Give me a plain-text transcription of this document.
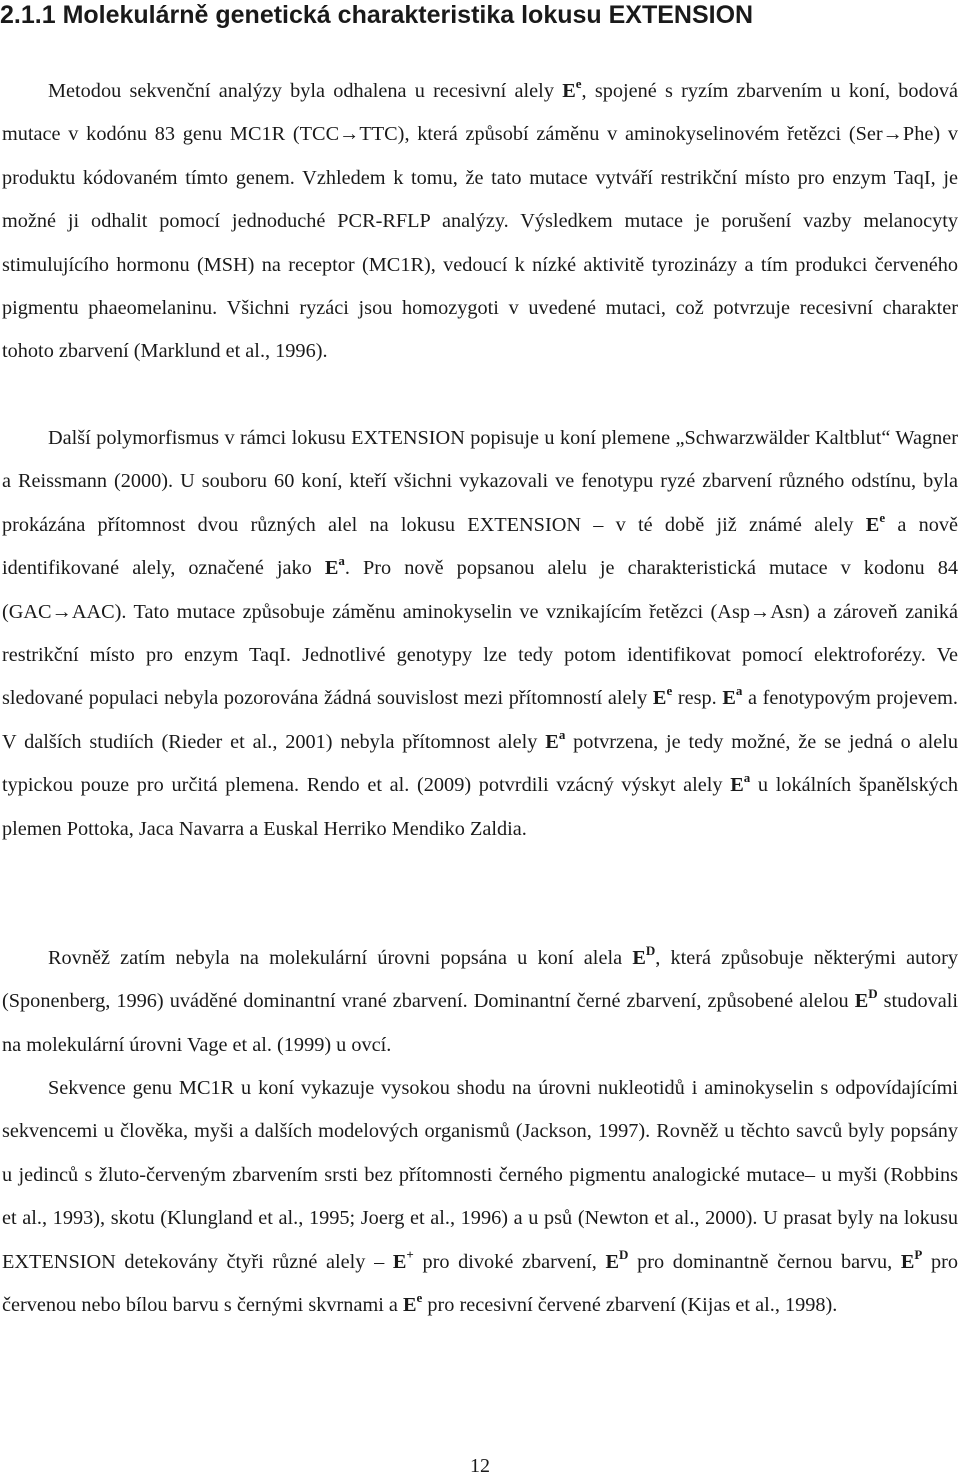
2.1.1 Molekulárně genetická charakteristika lokusu EXTENSION

Metodou sekvenční analýzy byla odhalena u recesivní alely $E^e$, spojené s ryzím zbarvením u koní, bodová mutace v kodónu 83 genu MC1R (TCC→TTC), která způsobí záměnu v aminokyselinovém řetězci (Ser→Phe) v produktu kódovaném tímto genem. Vzhledem k tomu, že tato mutace vytváří restrikční místo pro enzym TaqI, je možné ji odhalit pomocí jednoduché PCR-RFLP analýzy. Výsledkem mutace je porušení vazby melanocyty stimulujícího hormonu (MSH) na receptor (MC1R), vedoucí k nízké aktivitě tyrozinázy a tím produkci červeného pigmentu phaeomelaninu. Všichni ryzáci jsou homozygoti v uvedené mutaci, což potvrzuje recesivní charakter tohoto zbarvení (Marklund et al., 1996).

Další polymorfismus v rámci lokusu EXTENSION popisuje u koní plemene „Schwarzwälder Kaltblut“ Wagner a Reissmann (2000). U souboru 60 koní, kteří všichni vykazovali ve fenotypu ryzé zbarvení různého odstínu, byla prokázána přítomnost dvou různých alel na lokusu EXTENSION – v té době již známé alely $E^e$ a nově identifikované alely, označené jako $E^a$. Pro nově popsanou alelu je charakteristická mutace v kodonu 84 (GAC→AAC). Tato mutace způsobuje záměnu aminokyselin ve vznikajícím řetězci (Asp→Asn) a zároveň zaniká restrikční místo pro enzym TaqI. Jednotlivé genotypy lze tedy potom identifikovat pomocí elektroforézy. Ve sledované populaci nebyla pozorována žádná souvislost mezi přítomností alely $E^e$ resp. $E^a$ a fenotypovým projevem. V dalších studiích (Rieder et al., 2001) nebyla přítomnost alely $E^a$ potvrzena, je tedy možné, že se jedná o alelu typickou pouze pro určitá plemena. Rendo et al. (2009) potvrdili vzácný výskyt alely $E^a$ u lokálních španělských plemen Pottoka, Jaca Navarra a Euskal Herriko Mendiko Zaldia.

Rovněž zatím nebyla na molekulární úrovni popsána u koní alela $E^D$, která způsobuje některými autory (Sponenberg, 1996) uváděné dominantní vrané zbarvení. Dominantní černé zbarvení, způsobené alelou $E^D$ studovali na molekulární úrovni Vage et al. (1999) u ovcí.

Sekvence genu MC1R u koní vykazuje vysokou shodu na úrovni nukleotidů i aminokyselin s odpovídajícími sekvencemi u člověka, myši a dalších modelových organismů (Jackson, 1997). Rovněž u těchto savců byly popsány u jedinců s žluto-červeným zbarvením srsti bez přítomnosti černého pigmentu analogické mutace– u myši (Robbins et al., 1993), skotu (Klungland et al., 1995; Joerg et al., 1996) a u psů (Newton et al., 2000). U prasat byly na lokusu EXTENSION detekovány čtyři různé alely – E+ pro divoké zbarvení, $E^D$ pro dominantně černou barvu, $E^P$ pro červenou nebo bílou barvu s černými skvrnami a $E^e$ pro recesivní červené zbarvení (Kijas et al., 1998).

12
